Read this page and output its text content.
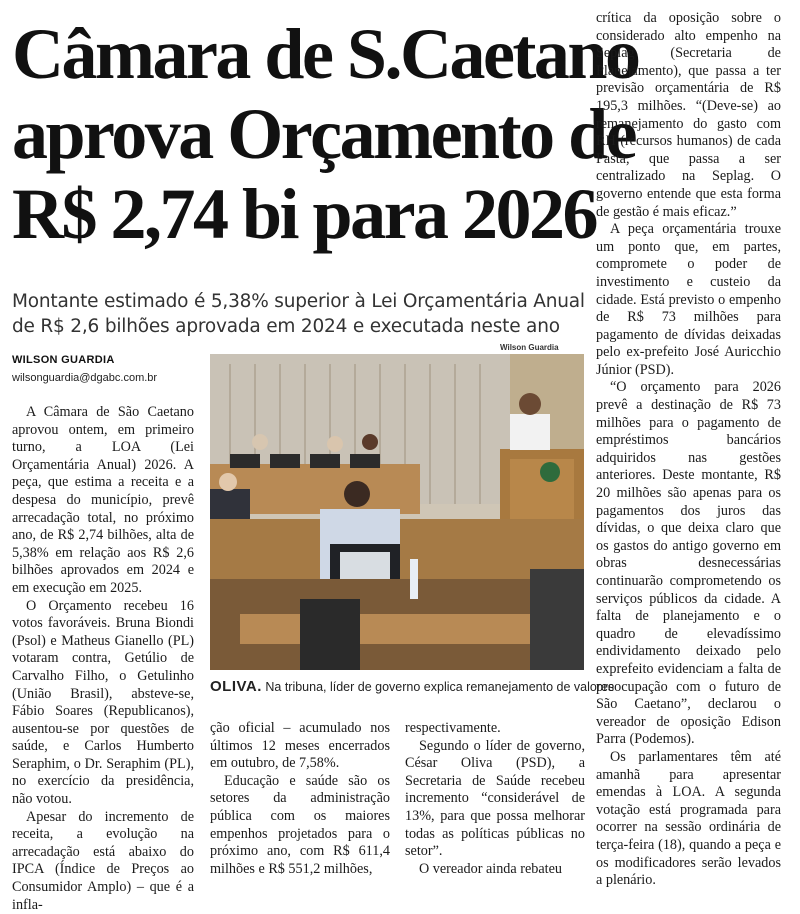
Câmara de S.Caetano
aprova Orçamento de
R$ 2,74 bi para 2026
Montante estimado é 5,38% superior à Lei Orçamentária Anual
de R$ 2,6 bilhões aprovada em 2024 e executada neste ano
WILSON GUARDIA
wilsonguardia@dgabc.com.br

A Câmara de São Caetano aprovou ontem, em primeiro turno, a LOA (Lei Orçamentária Anual) 2026. A peça, que estima a receita e a despesa do município, prevê arrecadação total, no próximo ano, de R$ 2,74 bilhões, alta de 5,38% em relação aos R$ 2,6 bilhões aprovados em 2024 e em execução em 2025.

O Orçamento recebeu 16 votos favoráveis. Bruna Biondi (Psol) e Matheus Gianello (PL) votaram contra, Getúlio de Carvalho Filho, o Getulinho (União Brasil), absteve-se, Fábio Soares (Republicanos), ausentou-se por questões de saúde, e Carlos Humberto Seraphim, o Dr. Seraphim (PL), no exercício da presidência, não votou.

Apesar do incremento de receita, a evolução na arrecadação está abaixo do IPCA (Índice de Preços ao Consumidor Amplo) – que é a infla-

Wilson Guardia
OLIVA. Na tribuna, líder de governo explica remanejamento de valores

ção oficial – acumulado nos últimos 12 meses encerrados em outubro, de 7,58%.

Educação e saúde são os setores da administração pública com os maiores empenhos projetados para o próximo ano, com R$ 611,4 milhões e R$ 551,2 milhões,

respectivamente.

Segundo o líder de governo, César Oliva (PSD), a Secretaria de Saúde recebeu incremento “considerável de 13%, para que possa melhorar todas as políticas públicas no setor”.

O vereador ainda rebateu

crítica da oposição sobre o considerado alto empenho na Seplag (Secretaria de Planejamento), que passa a ter previsão orçamentária de R$ 195,3 milhões. “(Deve-se) ao remanejamento do gasto com RH (recursos humanos) de cada Pasta, que passa a ser centralizado na Seplag. O governo entende que esta forma de gestão é mais eficaz.”

A peça orçamentária trouxe um ponto que, em partes, compromete o poder de investimento e custeio da cidade. Está previsto o empenho de R$ 73 milhões para pagamento de dívidas deixadas pelo ex-prefeito José Auricchio Júnior (PSD).

“O orçamento para 2026 prevê a destinação de R$ 73 milhões para o pagamento de empréstimos bancários adquiridos nas gestões anteriores. Deste montante, R$ 20 milhões são apenas para os pagamentos dos juros das dívidas, o que deixa claro que os gastos do antigo governo em obras desnecessárias continuarão comprometendo os serviços públicos da cidade. A falta de planejamento e o quadro de elevadíssimo endividamento deixado pelo exprefeito evidenciam a falta de preocupação com o futuro de São Caetano”, declarou o vereador de oposição Edison Parra (Podemos).

Os parlamentares têm até amanhã para apresentar emendas à LOA. A segunda votação está programada para ocorrer na sessão ordinária de terça-feira (18), quando a peça e os modificadores serão levados a plenário.
